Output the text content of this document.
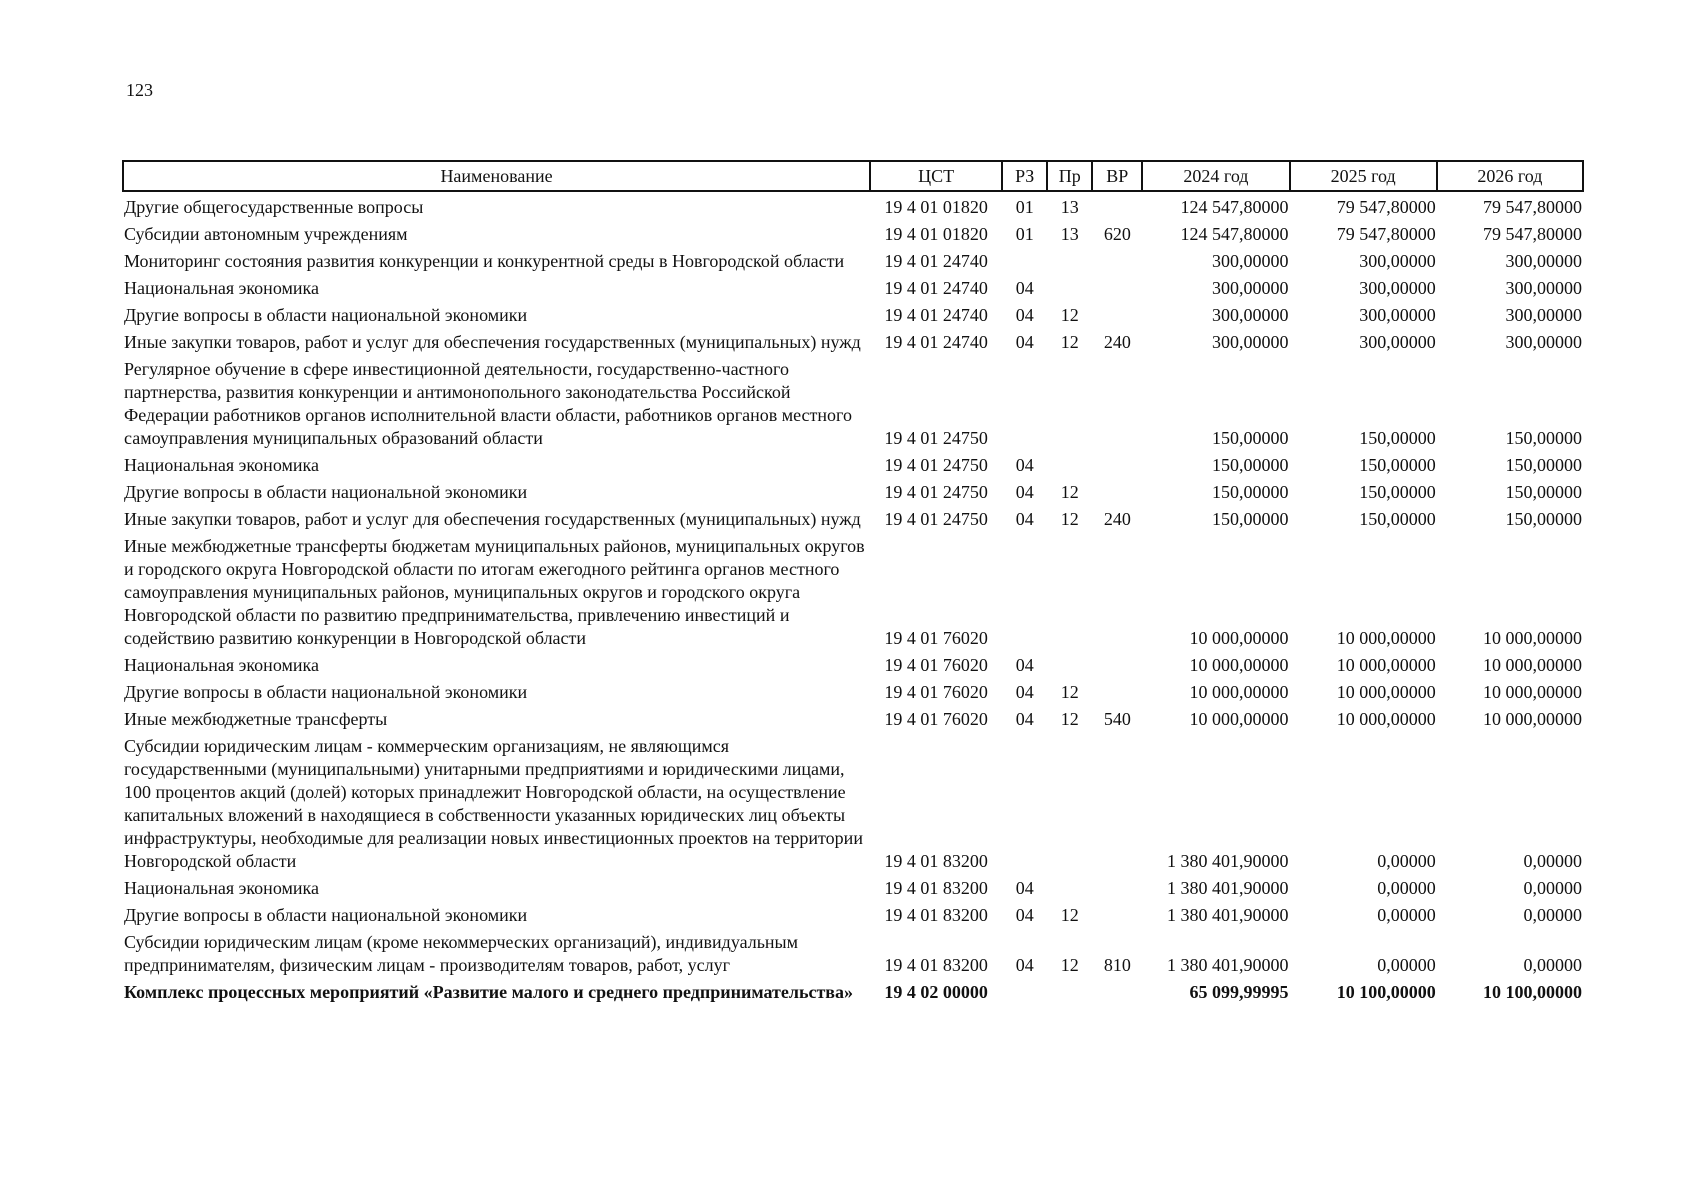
123
Наименование	ЦСТ	РЗ	Пр	ВР	2024 год	2025 год	2026 год
Другие общегосударственные вопросы	19 4 01 01820	01	13		124 547,80000	79 547,80000	79 547,80000
Субсидии автономным учреждениям	19 4 01 01820	01	13	620	124 547,80000	79 547,80000	79 547,80000
Мониторинг состояния развития конкуренции и конкурентной среды в Новгородской области	19 4 01 24740				300,00000	300,00000	300,00000
Национальная экономика	19 4 01 24740	04			300,00000	300,00000	300,00000
Другие вопросы в области национальной экономики	19 4 01 24740	04	12		300,00000	300,00000	300,00000
Иные закупки товаров, работ и услуг для обеспечения государственных (муниципальных) нужд	19 4 01 24740	04	12	240	300,00000	300,00000	300,00000
Регулярное обучение в сфере инвестиционной деятельности, государственно-частного партнерства, развития конкуренции и антимонопольного законодательства Российской Федерации работников органов исполнительной власти области, работников органов местного самоуправления муниципальных образований области	19 4 01 24750				150,00000	150,00000	150,00000
Национальная экономика	19 4 01 24750	04			150,00000	150,00000	150,00000
Другие вопросы в области национальной экономики	19 4 01 24750	04	12		150,00000	150,00000	150,00000
Иные закупки товаров, работ и услуг для обеспечения государственных (муниципальных) нужд	19 4 01 24750	04	12	240	150,00000	150,00000	150,00000
Иные межбюджетные трансферты бюджетам муниципальных районов, муниципальных округов и городского округа Новгородской области по итогам ежегодного рейтинга органов местного самоуправления муниципальных районов, муниципальных округов и городского округа Новгородской области по развитию предпринимательства, привлечению инвестиций и содействию развитию конкуренции в Новгородской области	19 4 01 76020				10 000,00000	10 000,00000	10 000,00000
Национальная экономика	19 4 01 76020	04			10 000,00000	10 000,00000	10 000,00000
Другие вопросы в области национальной экономики	19 4 01 76020	04	12		10 000,00000	10 000,00000	10 000,00000
Иные межбюджетные трансферты	19 4 01 76020	04	12	540	10 000,00000	10 000,00000	10 000,00000
Субсидии юридическим лицам - коммерческим организациям, не являющимся государственными (муниципальными) унитарными предприятиями и юридическими лицами, 100 процентов акций (долей) которых принадлежит Новгородской области, на осуществление капитальных вложений в находящиеся в собственности указанных юридических лиц объекты инфраструктуры, необходимые для реализации новых инвестиционных проектов на территории Новгородской области	19 4 01 83200				1 380 401,90000	0,00000	0,00000
Национальная экономика	19 4 01 83200	04			1 380 401,90000	0,00000	0,00000
Другие вопросы в области национальной экономики	19 4 01 83200	04	12		1 380 401,90000	0,00000	0,00000
Субсидии юридическим лицам (кроме некоммерческих организаций), индивидуальным предпринимателям, физическим лицам - производителям товаров, работ, услуг	19 4 01 83200	04	12	810	1 380 401,90000	0,00000	0,00000
Комплекс процессных мероприятий «Развитие малого и среднего предпринимательства»	19 4 02 00000				65 099,99995	10 100,00000	10 100,00000
